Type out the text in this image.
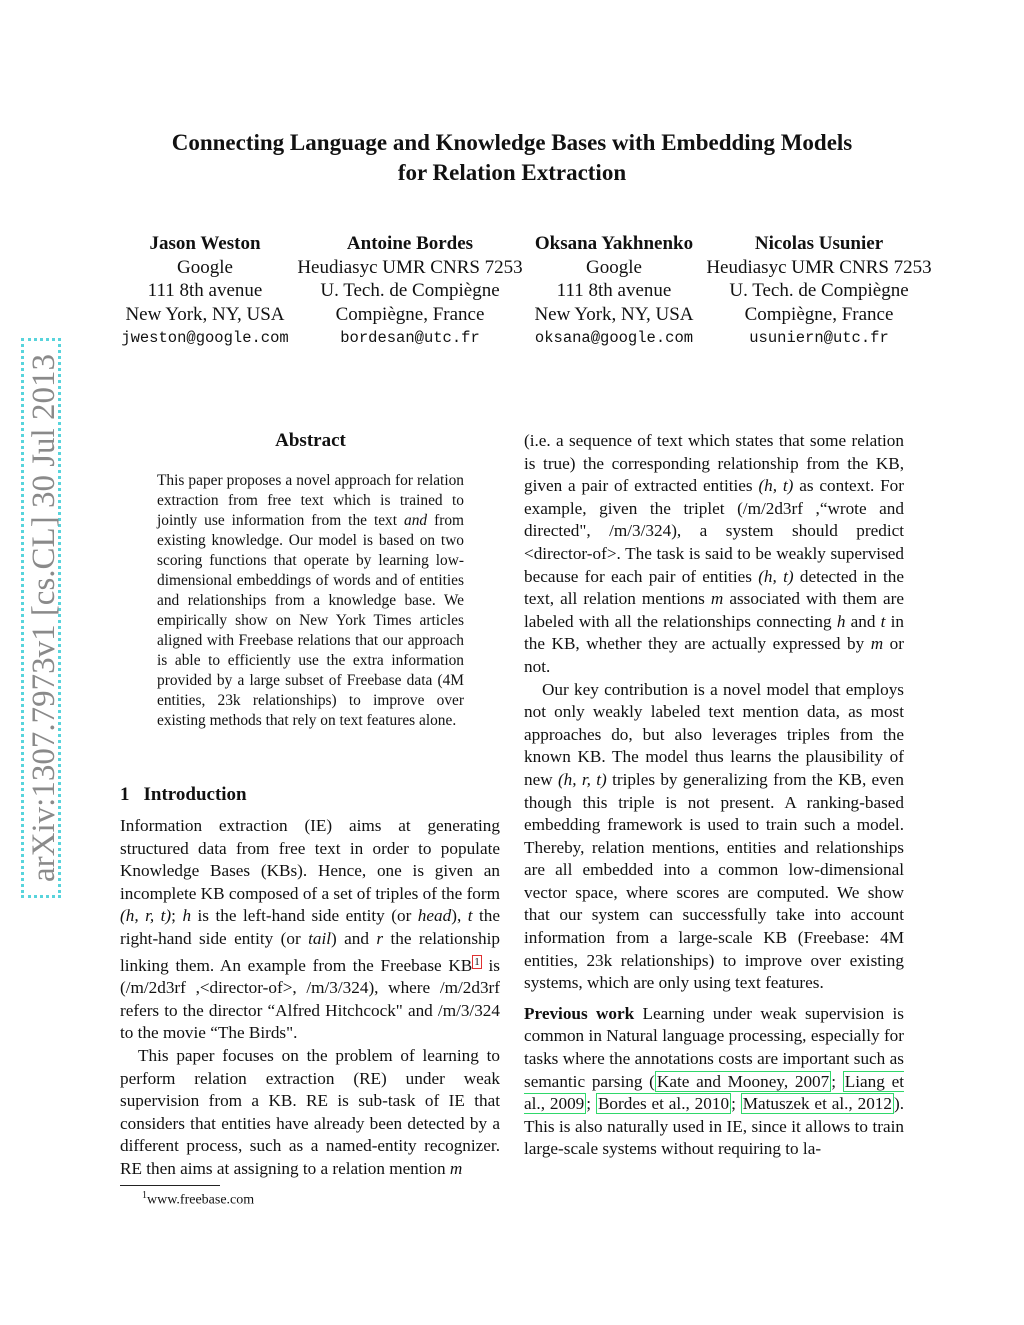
arXiv:1307.7973v1 [cs.CL] 30 Jul 2013
Connecting Language and Knowledge Bases with Embedding Models
for Relation Extraction
Jason Weston
Google
111 8th avenue
New York, NY, USA
jweston@google.com
Antoine Bordes
Heudiasyc UMR CNRS 7253
U. Tech. de Compiègne
Compiègne, France
bordesan@utc.fr
Oksana Yakhnenko
Google
111 8th avenue
New York, NY, USA
oksana@google.com
Nicolas Usunier
Heudiasyc UMR CNRS 7253
U. Tech. de Compiègne
Compiègne, France
usuniern@utc.fr
Abstract
This paper proposes a novel approach for relation extraction from free text which is trained to jointly use information from the text and from existing knowledge. Our model is based on two scoring functions that operate by learning low-dimensional embeddings of words and of entities and relationships from a knowledge base. We empirically show on New York Times articles aligned with Freebase relations that our approach is able to efficiently use the extra information provided by a large subset of Freebase data (4M entities, 23k relationships) to improve over existing methods that rely on text features alone.
1 Introduction

Information extraction (IE) aims at generating structured data from free text in order to populate Knowledge Bases (KBs). Hence, one is given an incomplete KB composed of a set of triples of the form (h, r, t); h is the left-hand side entity (or head), t the right-hand side entity (or tail) and r the relationship linking them. An example from the Freebase KB $^1$ is (/m/2d3rf ,<director-of>, /m/3/324), where /m/2d3rf refers to the director “Alfred Hitchcock" and /m/3/324 to the movie “The Birds".

This paper focuses on the problem of learning to perform relation extraction (RE) under weak supervision from a KB. RE is sub-task of IE that considers that entities have already been detected by a different process, such as a named-entity recognizer. RE then aims at assigning to a relation mention m

$^1$www.freebase.com

(i.e. a sequence of text which states that some relation is true) the corresponding relationship from the KB, given a pair of extracted entities (h, t) as context. For example, given the triplet (/m/2d3rf ,“wrote and directed", /m/3/324), a system should predict <director-of>. The task is said to be weakly supervised because for each pair of entities (h, t) detected in the text, all relation mentions m associated with them are labeled with all the relationships connecting h and t in the KB, whether they are actually expressed by m or not.

Our key contribution is a novel model that employs not only weakly labeled text mention data, as most approaches do, but also leverages triples from the known KB. The model thus learns the plausibility of new (h, r, t) triples by generalizing from the KB, even though this triple is not present. A ranking-based embedding framework is used to train such a model. Thereby, relation mentions, entities and relationships are all embedded into a common low-dimensional vector space, where scores are computed. We show that our system can successfully take into account information from a large-scale KB (Freebase: 4M entities, 23k relationships) to improve over existing systems, which are only using text features.

Previous work Learning under weak supervision is common in Natural language processing, especially for tasks where the annotations costs are important such as semantic parsing ( Kate and Mooney, 2007 ; Liang et al., 2009 ; Bordes et al., 2010 ; Matuszek et al., 2012 ). This is also naturally used in IE, since it allows to train large-scale systems without requiring to la-
